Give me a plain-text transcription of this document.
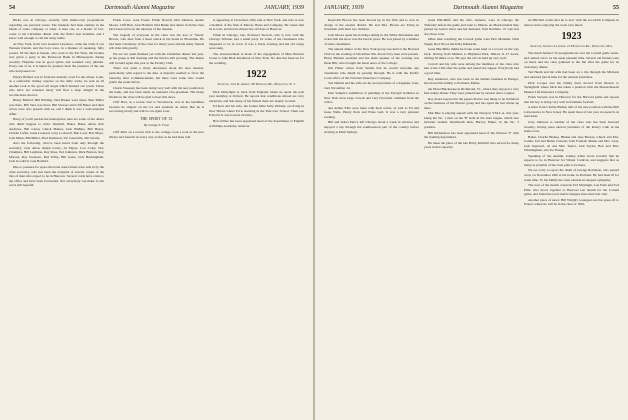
54	Dartmouth Alumni Magazine	JANUARY, 1939

Hicks was in Chicago recently with small-town propositions regarding our personal wares. The business had been entirely in the hands of some company or other. A man can, as a matter of fact, come to his Christmas dinner with the firm's best tradition, and I know well enough to call his lucky name.

At New York, from over General Lawrence, came the wish of our Western friends, and the boys were, in a manner of speaking, fully posted. Of the men at Keene, who went to the Far West, the brother was given a party at the Pentwood Bank in Minneapolis during recently. Hopkins was in good spirits and sounded very jubilant. Every one of us, it is taken for granted, feels the presence of the one who had passed on.

Emory Ballard was in from the Atlantic coast for the winter. Later, as a somewhat clumsy reporter on the daily scene, he sent us all another look at the good old Aegis which marked our youth. Those who have not returned lately will find a deep delight in the recollections about it.

Henry Ballard, Bill Balding, Ned Barker were there; Bert Miller was there. Bill Vera was there. Bill Stewart and Cliff Baker and their wives were also present with us, and I think it was a well-attended affair.

Harry, if you'll pardon the interruption, here are some of the others who didn't happen to write: Kimball, Baker, Bates, Allen, Rob Andrews, Bill Caren, Chuck Haines, Jack Phillips, Bill Hayes, Charlie Laffer, Gene Leonard, Gray Lockwell, Bob Lord, Bob Mayo, Jack Mann, Bill Miller, Prud Robinson, Vic Jonesville, Jim Swartz.

Also the following, who've been heard from only through the secretary: Jack Allen, Ralph Lewis, Al Myers, Lou Coley, Doc Chalmers, Bill Leighton, Ray Ross, Ted Johnston, Dick Bratton, Roy Marcus, Ray Swanson, Red Wiley, Bill Gates, Jack Buckingham, Jack Goodrich, Guy Bolland.

Due to pressure for space the hotel reservations were sent in by the class secretary, who has been the recipient of several copies of the lists of men who expect to be in Hanover. Several cards have come to the office and have been forwarded. Not everybody can make it, but we're still hopeful.

Frank Lowe, Gale Foster, Eddie Newell, Mal Johnson, Austin Moore, Cliff Barr, Jack Holland, Ned Burke and others from the class have been active in the interests of the reunion.

The tragedy of everyone in the class was the loss of 'Sandy' Brown, who died from a heart attack at his home in Brookline. He had been a mainstay of the class for many years and his many friends will miss him greatly.

We are not quite finished yet with the Christmas dinner last year, as the group is still meeting and the fund is still growing. The dinner will be held again this year at the Faculty Club.

There was quite a lively discussion about the next reunion, particularly with regard to the date. A majority seemed to favor the Saturday after Commencement, but there were some who would prefer the week before.

Chuck Sweeney has been doing very well with his new position in the bank, and has been made an assistant vice-president. His many friends in the class will be glad to hear this news.

Cliff Barr, as a recent visit to Woodstock, was in the headlines because he slipped on the ice and sprained an ankle. But he is recovering nicely and will be out again soon.

THE SPIRIT OF '21
By George E. Frost

Cliff Mart on a recent visit to the college, took a look at the new library and found it in every way as fine as he had been told.

is appearing at Cleveland, Ohio and at New York, and who is now a member of the firm of Mercer, Bates and Company. He writes that he is well, and that he misses the old days at Hanover.

When in Chicago, late, Professor Stewart, who is now with the Chicago Tribune, had a small party for some of the classmates who happened to be in town. It was a lively evening and the old songs were sung.

The announcement is made of the engagement of Miss Barbara Crane to John Blair Pendleton of New York. No date has been set for the wedding.

1922
Secretary, John K. Amsden, 98 Wildwood Rd., Burlington, N. J.

Dick Dalrymple is back from England where he spent the past year studying at Oxford. He reports that conditions abroad are very uncertain, and that many of his friends there are deeply worried.

Ed Kerr and his wife, the former Miss Sally Webster, are living in New Haven where Ed is teaching in the Yale Law School. Their son Edward Jr. was born in October.

Bob Gillies has been appointed head of the department of English at Phillips Academy, Andover.

JANUARY, 1939	Dartmouth Alumni Magazine	55

Reynolds Brown has been moved up in the firm and is now in charge of the eastern district. He and Mrs. Brown are living in Scarsdale with their two children.

Jack Moore spent the holidays skiing in the White Mountains and writes that the snow was the best in years. He was joined by a number of other classmates.

The annual dinner of the New York group was held at the Harvard Club on the evening of December 9th. About forty men were present. Harry Bennett presided and the main speaker of the evening was Dean Bill, who brought the latest news of the College.

Jim Fisher writes from Seattle that he would welcome any classmates who might be passing through. He is with the Pacific Coast office of the Travelers Insurance Company.

Ted Shields and his wife are the proud parents of a daughter, Joan, born November 14.

Paul Sample's exhibition of paintings at the Ferargil Galleries in New York drew large crowds and very favorable comment from the critics.

and Arthur Ellis were there with their wives, as well as Ed and Gene Wells, Henry Peck and Ernie Gall. It was a very pleasant evening.

Bill and Isabel Pierce left Chicago about a week in advance and enjoyed a trip through the southwestern part of the country before arriving at Palm Springs.

Gene Hinchliffe and his wife, Jeanette, were in Chicago the Thursday before the game and went to Illinois. At Meadowlands they picked up Gene's sister and her husband, Tom Robbins. '21 who has also three sons.

Other men watching the Cornell game were Bob Marshall, Dick Siegel, Rod Wood and Kitty Kilmartin.

Gene Hinchliffe thinks he broke some kind of a record on the way back, driving from Medina to Highland Park, Illinois in 27 hours, driving 50 miles or so. He says the old car held up very well.

Carroll and his wife were among the members of the class who met at the Club after the game and joined the supper. Everybody had a good time.

Ray Anderson, who has been in the lumber business in Bangor, has moved his family to Portland, Maine.

the Hotel Blackstone in Richmond, Vt., where they enjoyed a very fine turkey dinner. They were joined later by several other couples.

Ray Avard reported in the papers that he was likely to be in Detroit on the business of the Boston group and has spent the last winter up there.

Mal Pike is playing squash with the Newport Y.M.C.A. this year, being the No. 1 man on the 'B' team in the state league, which also includes another Dartmouth man, Harvey Elmer, in the No. 3 position.

Bill Richardson has been appointed head of the Newton 'Y' with the training department.

He takes the place of the late Harry Kimball who served for many years in that capacity.

Al Mitchell writes that he is now with the Goodrich Company in Akron and is enjoying the work very much.

1923
Secretary, Sherman Saltmarsh, 15 Huntington Rd., Worcester, Mass.

The much belated '23 peregrinations over the Cornell game week-end, turned out to be the usual pleasant time. Several old friends were on hand, and the class gathered at the Inn after the game for its customary dinner.

Ted Heath and his wife had been on a trip through the Midwest and returned just in time for the reunion festivities.

Dick Cooper and his family have moved from Boston to Springfield where Dick has taken a position with the Massachusetts Mutual Life Insurance Company.

Frank Stevens was in Hanover for the Harvard game and reports that his boy is doing very well in freshman football.

A letter from Charlie Bishop tells of his new position with the Bell Laboratories in New Jersey. He spent most of last year in research on television.

Jerry Jameson is another of the class who has been honored recently, having been elected president of the Rotary Club in his home town.

Baker, Charlie Bishop, Hinkie and Jane Brewer, Chuck and Mrs. Calder, Ted and Helen Caswell, Tom Foxhall, Pinkie and Mrs. Gray, Jack Ingersoll, Al and Mrs. Taylor, Jack Taylor, Bob and Mrs. Whittingham, and Joe Young.

Speaking of the autumn, Johnny Allen wrote recently that he expects to be in Hanover for Winter Carnival, and suggests that as many as possible of the class plan to be there.

We are sorry to report the death of George Robinson, who passed away on November 20th at his home in Portland. He had been ill for some time. To his family the class extends its deepest sympathy.

The note of the month concerns Ted Mayhugh, Lou Fenn and Tod Ellis, who drove together to Hanover last month for the Cornell game, and found the town much changed since their last visit.

Another piece of news: Bill Wright's youngest son has gone off to Exeter, where he will be in the class of 1943.
